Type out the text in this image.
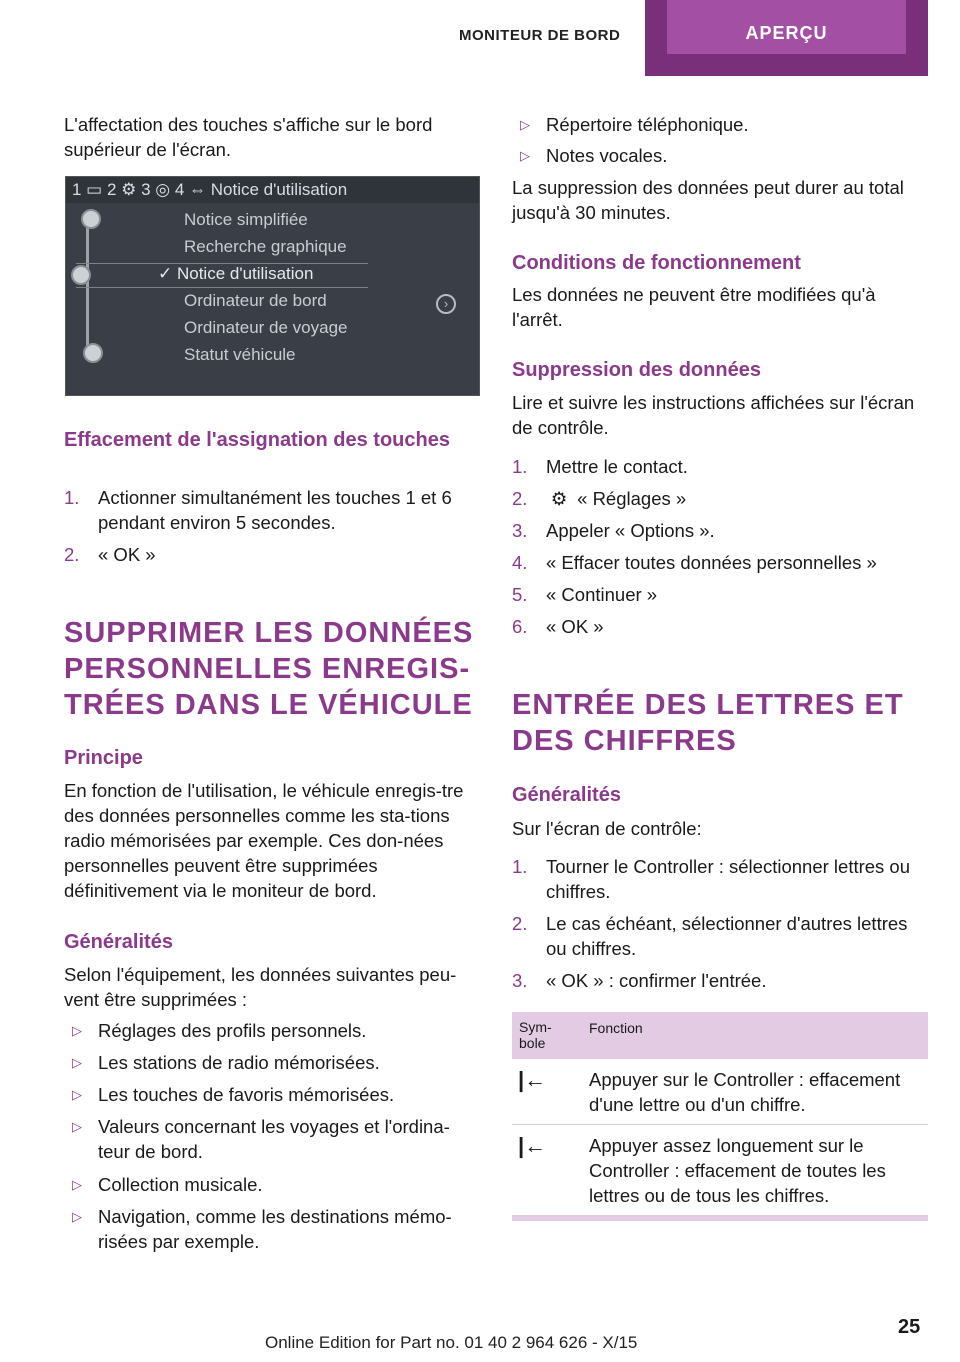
MONITEUR DE BORD	APERÇU
L'affectation des touches s'affiche sur le bord supérieur de l'écran.
1 ▭ 2 ⚙ 3 ◎ 4 ⇔ Notice d'utilisation
Notice simplifiée
Recherche graphique
✓ Notice d'utilisation
Ordinateur de bord
Ordinateur de voyage
Statut véhicule
›
Effacement de l'assignation des touches
1. Actionner simultanément les touches 1 et 6 pendant environ 5 secondes.
2. « OK »
SUPPRIMER LES DONNÉES PERSONNELLES ENREGIS-TRÉES DANS LE VÉHICULE
Principe
En fonction de l'utilisation, le véhicule enregis-tre des données personnelles comme les sta-tions radio mémorisées par exemple. Ces don-nées personnelles peuvent être supprimées définitivement via le moniteur de bord.
Généralités
Selon l'équipement, les données suivantes peu-vent être supprimées :
▷ Réglages des profils personnels.
▷ Les stations de radio mémorisées.
▷ Les touches de favoris mémorisées.
▷ Valeurs concernant les voyages et l'ordina-teur de bord.
▷ Collection musicale.
▷ Navigation, comme les destinations mémo-risées par exemple.
▷ Répertoire téléphonique.
▷ Notes vocales.
La suppression des données peut durer au total jusqu'à 30 minutes.
Conditions de fonctionnement
Les données ne peuvent être modifiées qu'à l'arrêt.
Suppression des données
Lire et suivre les instructions affichées sur l'écran de contrôle.
1. Mettre le contact.
2. ⚙ « Réglages »
3. Appeler « Options ».
4. « Effacer toutes données personnelles »
5. « Continuer »
6. « OK »
ENTRÉE DES LETTRES ET DES CHIFFRES
Généralités
Sur l'écran de contrôle:
1. Tourner le Controller : sélectionner lettres ou chiffres.
2. Le cas échéant, sélectionner d'autres lettres ou chiffres.
3. « OK » : confirmer l'entrée.
Sym-bole
Fonction
|← Appuyer sur le Controller : effacement d'une lettre ou d'un chiffre.
|← Appuyer assez longuement sur le Controller : effacement de toutes les lettres ou de tous les chiffres.
25
Online Edition for Part no. 01 40 2 964 626 - X/15
